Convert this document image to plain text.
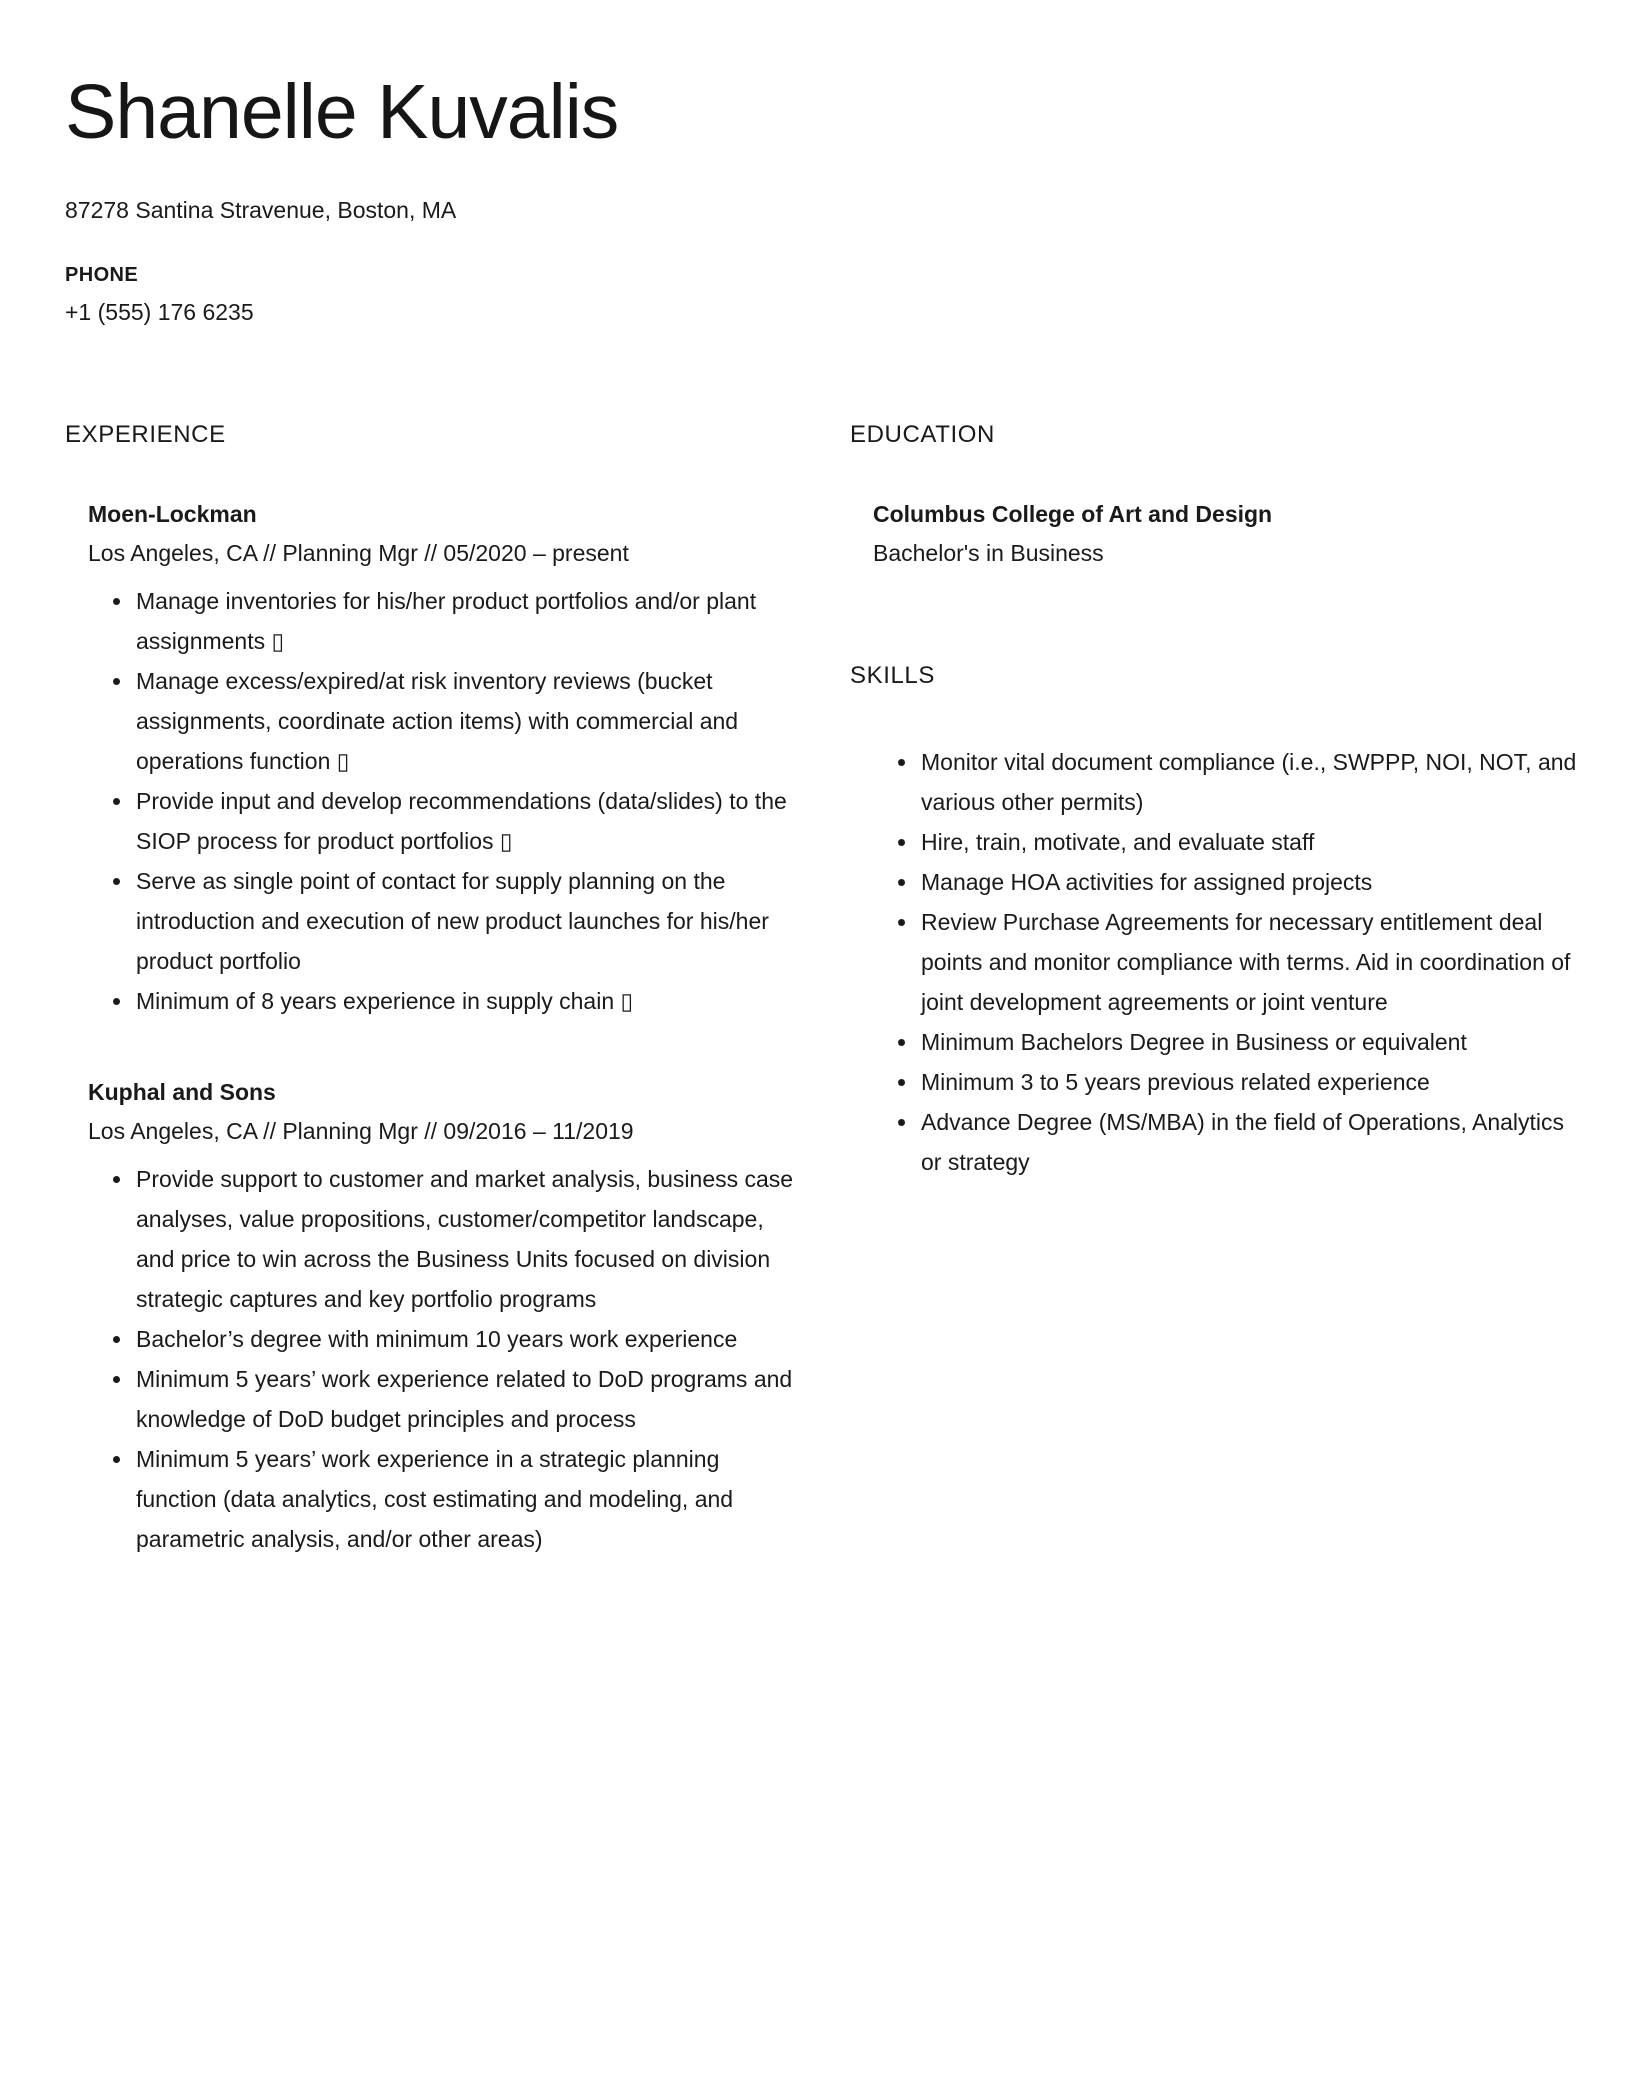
Shanelle Kuvalis

87278 Santina Stravenue, Boston, MA

PHONE

+1 (555) 176 6235

EXPERIENCE
Moen-Lockman

Los Angeles, CA // Planning Mgr // 05/2020 – present

• Manage inventories for his/her product portfolios and/or plant assignments ▯
• Manage excess/expired/at risk inventory reviews (bucket assignments, coordinate action items) with commercial and operations function ▯
• Provide input and develop recommendations (data/slides) to the SIOP process for product portfolios ▯
• Serve as single point of contact for supply planning on the introduction and execution of new product launches for his/her product portfolio
• Minimum of 8 years experience in supply chain ▯
Kuphal and Sons

Los Angeles, CA // Planning Mgr // 09/2016 – 11/2019

• Provide support to customer and market analysis, business case analyses, value propositions, customer/competitor landscape, and price to win across the Business Units focused on division strategic captures and key portfolio programs
• Bachelor’s degree with minimum 10 years work experience
• Minimum 5 years’ work experience related to DoD programs and knowledge of DoD budget principles and process
• Minimum 5 years’ work experience in a strategic planning function (data analytics, cost estimating and modeling, and parametric analysis, and/or other areas)
EDUCATION
Columbus College of Art and Design

Bachelor's in Business

SKILLS
• Monitor vital document compliance (i.e., SWPPP, NOI, NOT, and various other permits)
• Hire, train, motivate, and evaluate staff
• Manage HOA activities for assigned projects
• Review Purchase Agreements for necessary entitlement deal points and monitor compliance with terms. Aid in coordination of joint development agreements or joint venture
• Minimum Bachelors Degree in Business or equivalent
• Minimum 3 to 5 years previous related experience
• Advance Degree (MS/MBA) in the field of Operations, Analytics or strategy
